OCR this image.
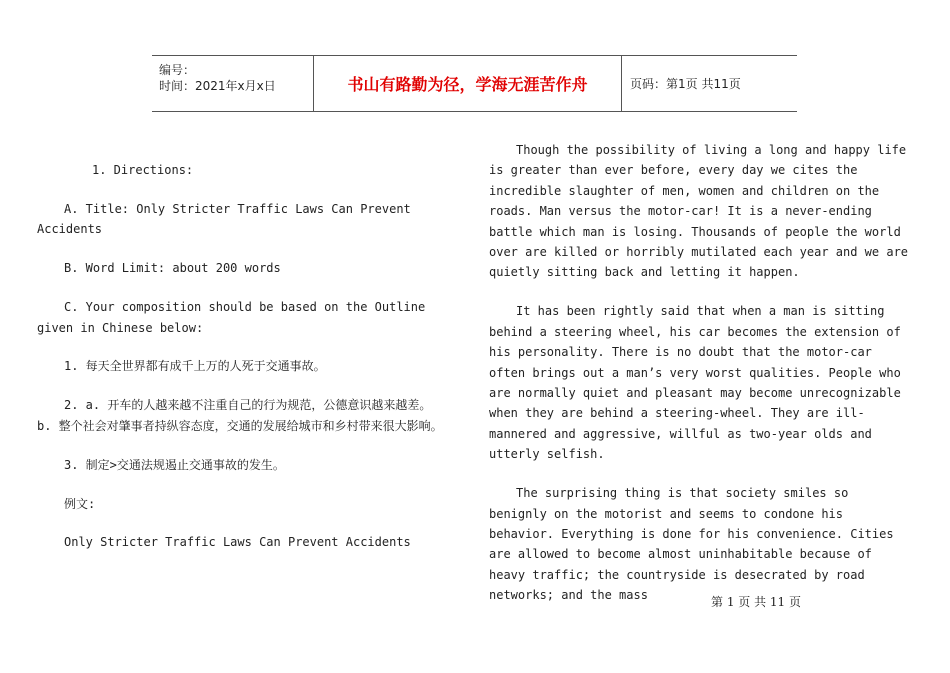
编号：
时间：2021年x月x日	书山有路勤为径，学海无涯苦作舟	页码：第1页 共11页

1. Directions:

A. Title: Only Stricter Traffic Laws Can Prevent Accidents

B. Word Limit: about 200 words

C. Your composition should be based on the Outline given in Chinese below:

1. 每天全世界都有成千上万的人死于交通事故。

2. a. 开车的人越来越不注重自己的行为规范，公德意识越来越差。 b. 整个社会对肇事者持纵容态度，交通的发展给城市和乡村带来很大影响。

3. 制定>交通法规遏止交通事故的发生。

例文:

Only Stricter Traffic Laws Can Prevent Accidents

Though the possibility of living a long and happy life is greater than ever before, every day we cites the incredible slaughter of men, women and children on the roads. Man versus the motor-car! It is a never-ending battle which man is losing. Thousands of people the world over are killed or horribly mutilated each year and we are quietly sitting back and letting it happen.

It has been rightly said that when a man is sitting behind a steering wheel, his car becomes the extension of his personality. There is no doubt that the motor-car often brings out a man’s very worst qualities. People who are normally quiet and pleasant may become unrecognizable when they are behind a steering-wheel. They are ill-mannered and aggressive, willful as two-year olds and utterly selfish.

The surprising thing is that society smiles so benignly on the motorist and seems to condone his behavior. Everything is done for his convenience. Cities are allowed to become almost uninhabitable because of heavy traffic; the countryside is desecrated by road networks; and the mass	第 1 页 共 11 页
